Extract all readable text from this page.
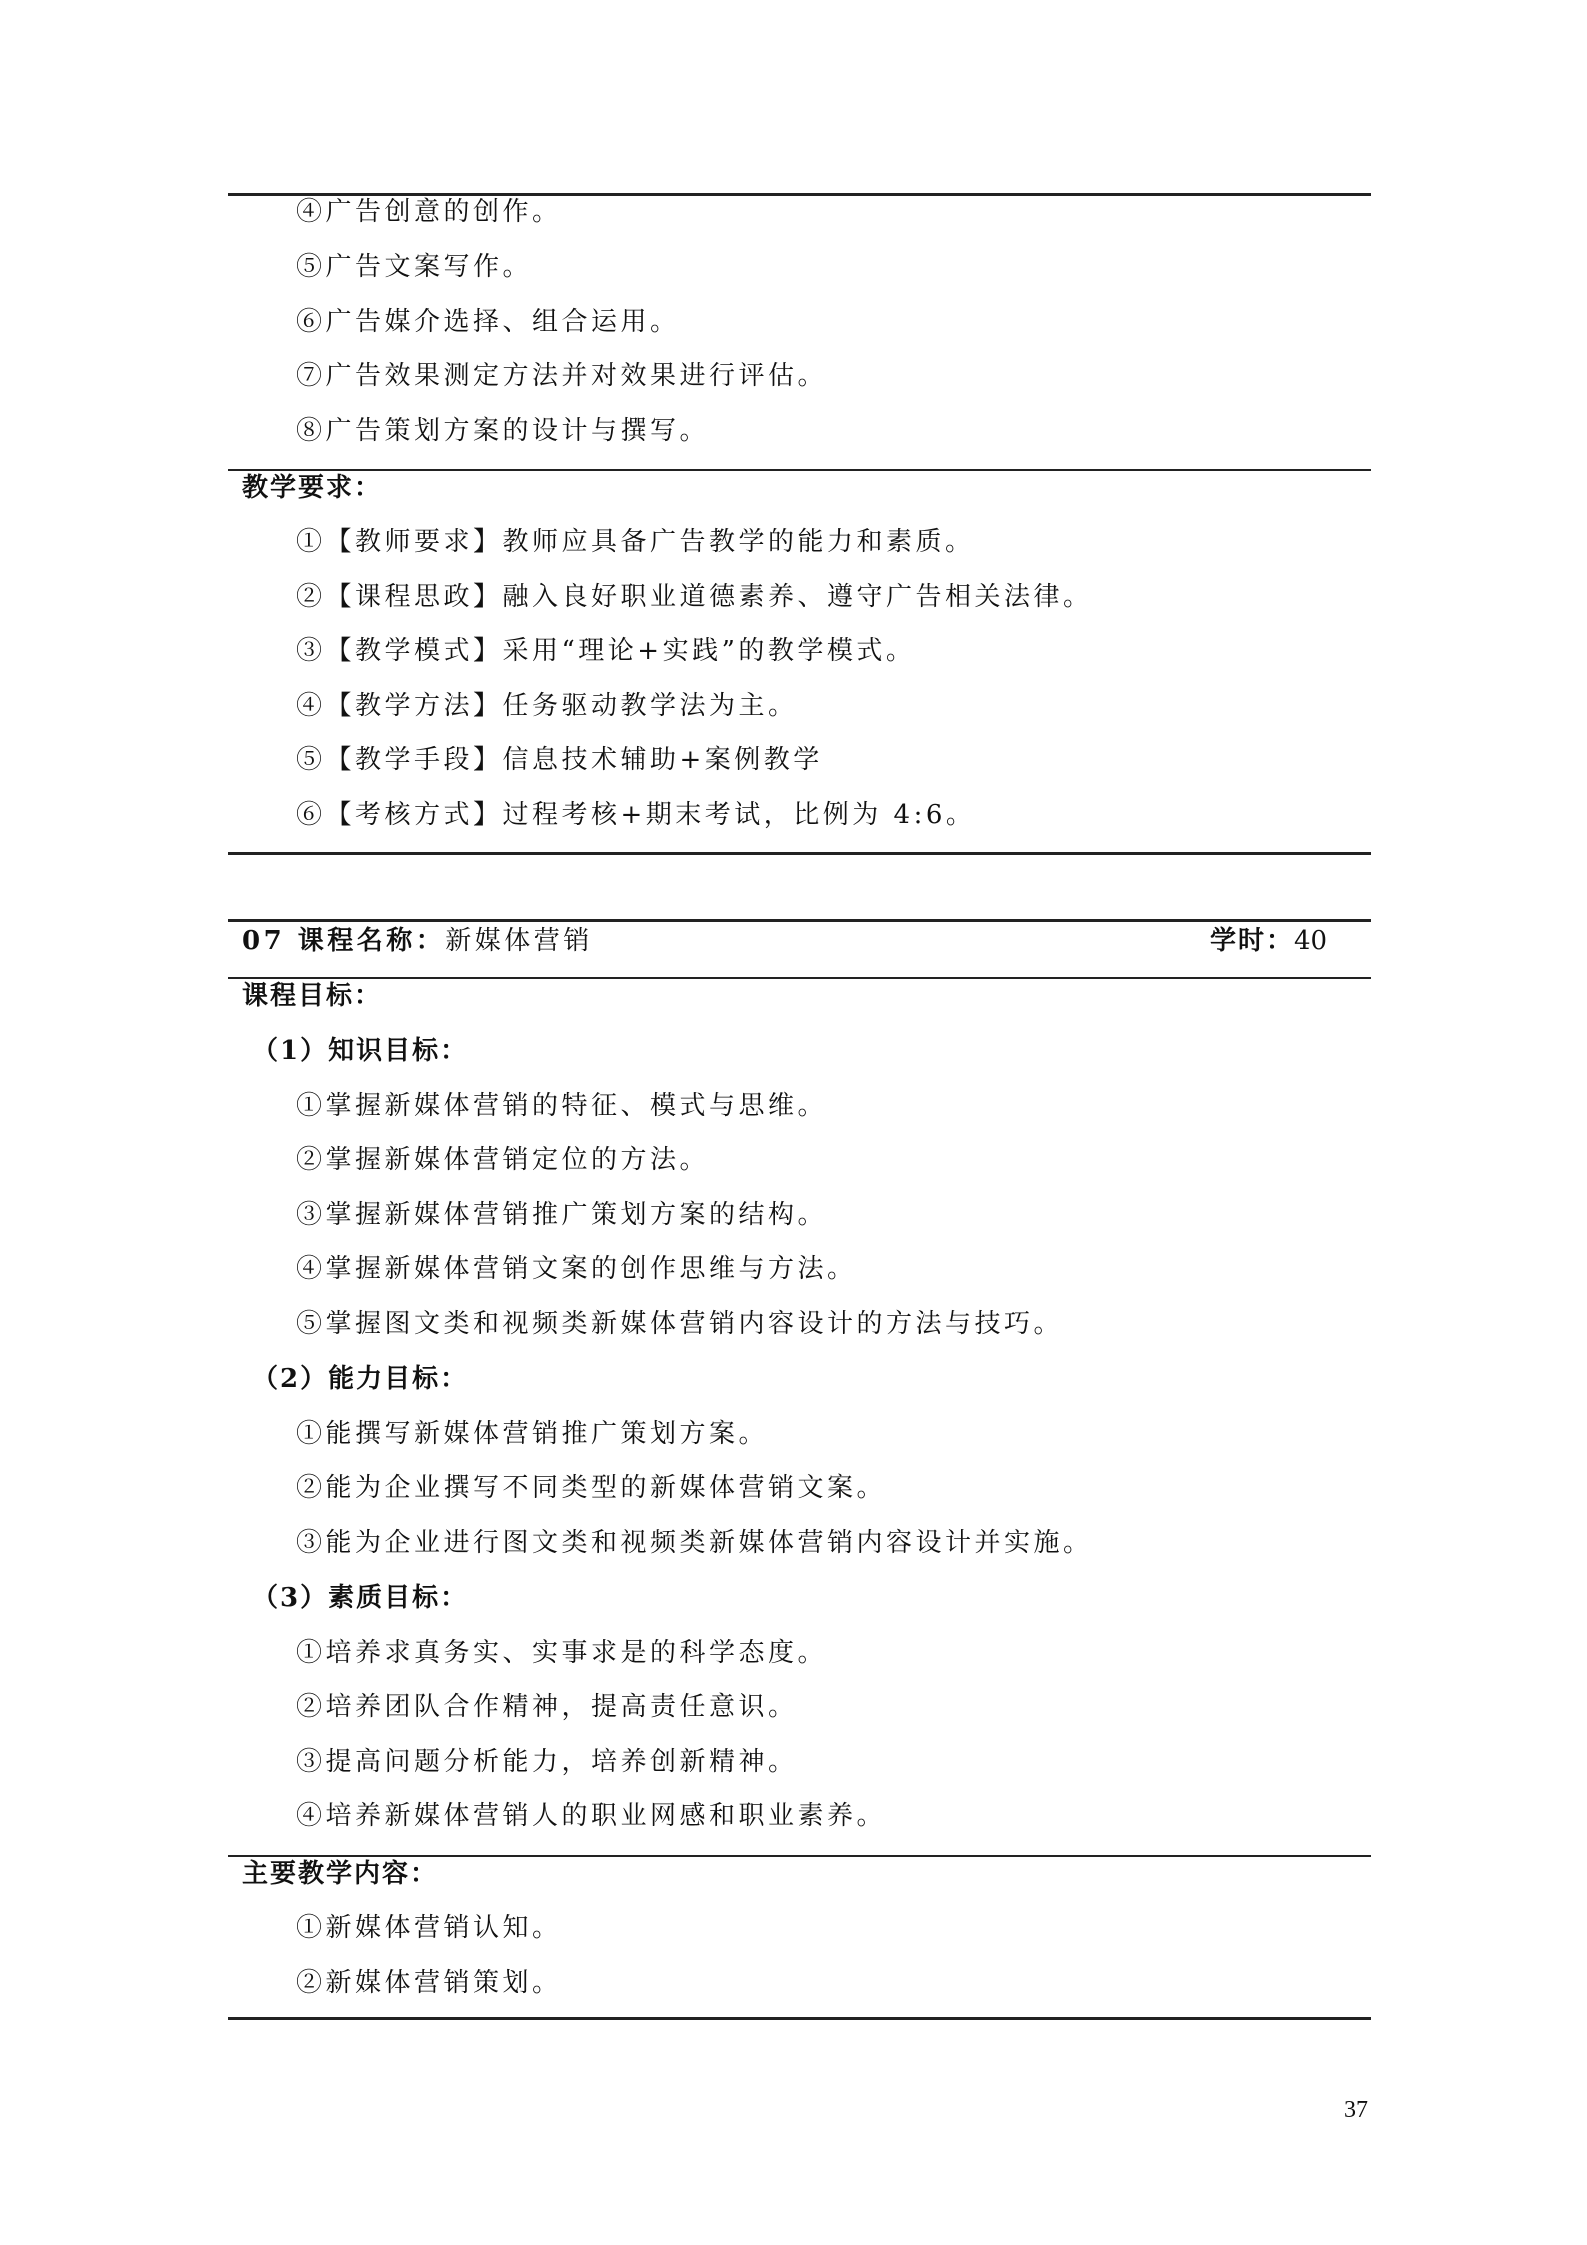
④广告创意的创作。
⑤广告文案写作。
⑥广告媒介选择、组合运用。
⑦广告效果测定方法并对效果进行评估。
⑧广告策划方案的设计与撰写。
教学要求：
①【教师要求】教师应具备广告教学的能力和素质。
②【课程思政】融入良好职业道德素养、遵守广告相关法律。
③【教学模式】采用“理论+实践”的教学模式。
④【教学方法】任务驱动教学法为主。
⑤【教学手段】信息技术辅助+案例教学
⑥【考核方式】过程考核+期末考试，比例为 4:6。
07 课程名称：新媒体营销	学时：40
课程目标：
（1）知识目标：
①掌握新媒体营销的特征、模式与思维。
②掌握新媒体营销定位的方法。
③掌握新媒体营销推广策划方案的结构。
④掌握新媒体营销文案的创作思维与方法。
⑤掌握图文类和视频类新媒体营销内容设计的方法与技巧。
（2）能力目标：
①能撰写新媒体营销推广策划方案。
②能为企业撰写不同类型的新媒体营销文案。
③能为企业进行图文类和视频类新媒体营销内容设计并实施。
（3）素质目标：
①培养求真务实、实事求是的科学态度。
②培养团队合作精神，提高责任意识。
③提高问题分析能力，培养创新精神。
④培养新媒体营销人的职业网感和职业素养。
主要教学内容：
①新媒体营销认知。
②新媒体营销策划。
37
